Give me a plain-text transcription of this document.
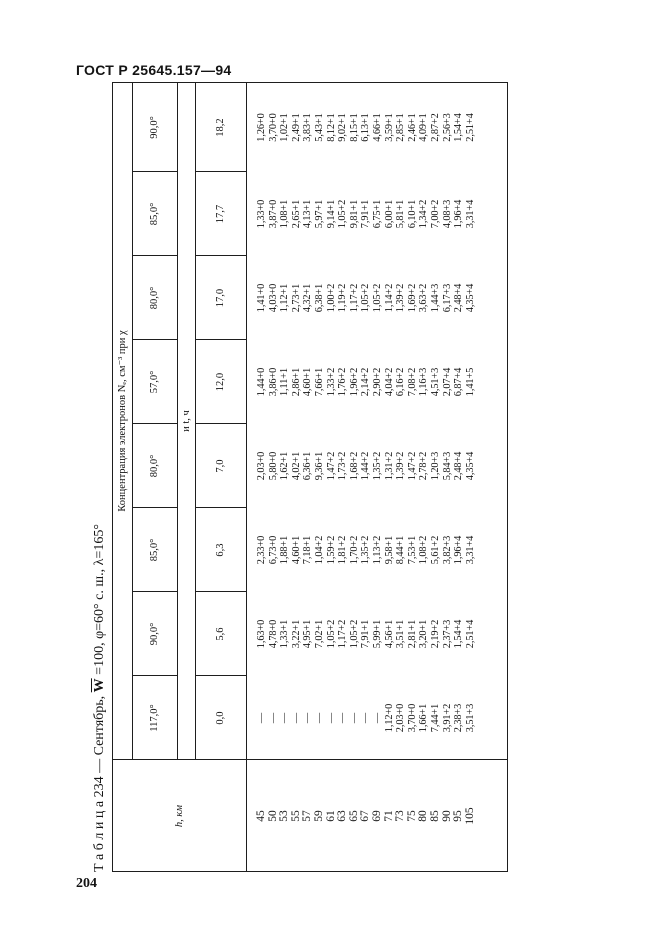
ГОСТ Р 25645.157—94
Т а б л и ц а 234 — Сентябрь, $\overline{W} =100$, φ=60° с. ш., λ=165°
h, км
Концентрация электронов Nₑ, см⁻³ при χ	и t, ч
117,0°
90,0°
85,0°
80,0°
57,0°
80,0°
85,0°
90,0°
0,0
5,6
6,3
7,0
12,0
17,0
17,7
18,2
45 50 53 55 57 59 61 63 65 67 69 71 73 75 80 85 90 95 105
— — — — — — — — — — — 1,12+0 2,03+0 3,70+0 1,66+1 7,44+1 3,91+2 2,38+3 3,51+3
1,63+0 4,78+0 1,33+1 3,22+1 4,95+1 7,02+1 1,05+2 1,17+2 1,05+2 7,91+1 5,99+1 4,56+1 3,51+1 2,81+1 3,20+1 2,19+2 2,37+3 1,54+4 2,51+4
2,33+0 6,73+0 1,88+1 4,60+1 7,18+1 1,04+2 1,59+2 1,81+2 1,70+2 1,35+2 1,13+2 9,58+1 8,44+1 7,53+1 1,08+2 5,61+2 3,82+3 1,96+4 3,31+4
2,03+0 5,80+0 1,62+1 4,02+1 6,36+1 9,36+1 1,47+2 1,73+2 1,68+2 1,44+2 1,35+2 1,31+2 1,39+2 1,47+2 2,78+2 1,20+3 5,84+3 2,48+4 4,35+4
1,44+0 3,86+0 1,11+1 2,86+1 4,60+1 7,66+1 1,33+2 1,76+2 1,96+2 2,14+2 2,90+2 4,04+2 6,16+2 7,08+2 1,16+3 4,51+3 2,07+4 6,87+4 1,41+5
1,41+0 4,03+0 1,12+1 2,73+1 4,32+1 6,38+1 1,00+2 1,19+2 1,17+2 1,05+2 1,05+2 1,14+2 1,39+2 1,69+2 3,63+2 1,44+3 6,17+3 2,48+4 4,35+4
1,33+0 3,87+0 1,08+1 2,65+1 4,13+1 5,97+1 9,14+1 1,05+2 9,81+1 7,91+1 6,75+1 6,00+1 5,81+1 6,10+1 1,34+2 7,00+2 4,08+3 1,96+4 3,31+4
1,26+0 3,70+0 1,02+1 2,49+1 3,83+1 5,43+1 8,12+1 9,02+1 8,15+1 6,13+1 4,66+1 3,59+1 2,85+1 2,46+1 4,09+1 2,87+2 2,56+3 1,54+4 2,51+4
204
